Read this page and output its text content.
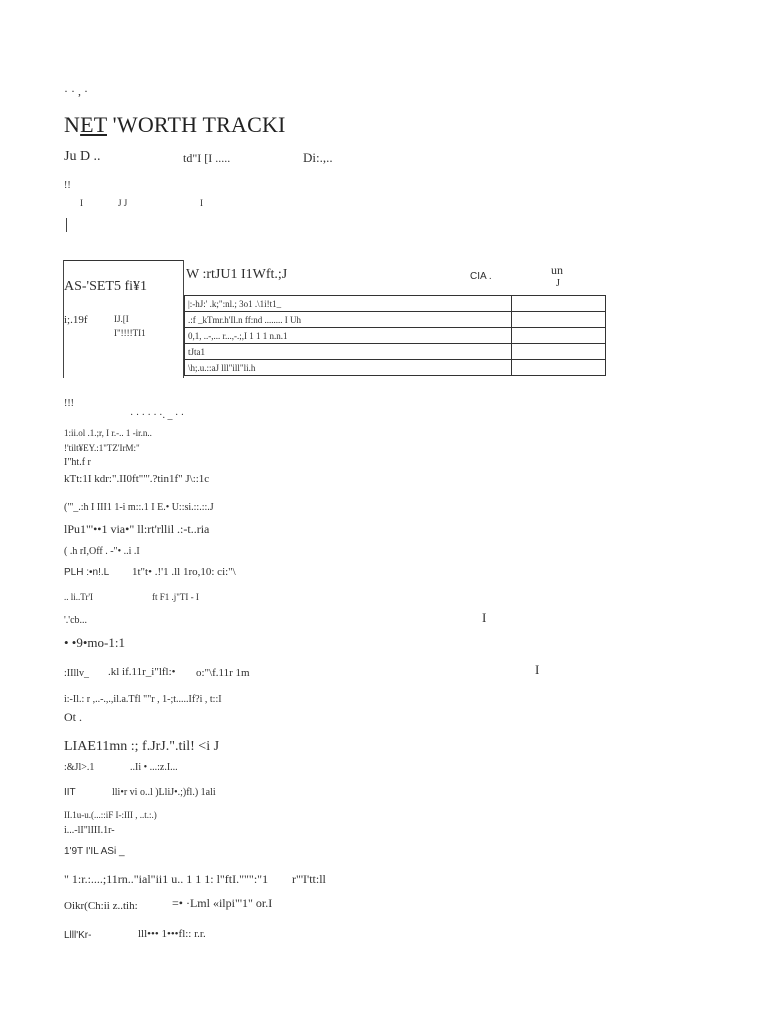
· · , ·
NET 'WORTH TRACKI
Ju D ..	td"I [I .....	Di:.,..
!!
I	J J	I
AS-'SET5 fi¥1
i;.19f	IJ.[I
I"!!!!TI1
W :rtJU1 I1Wft.;J	CIA .	un
J
|:-hJ:' .k;":nl.; 3o1 .\1i!t1_	
.:f _kTmr.h'Il.n ff:nd ........ I Uh	
0,1, ..-,... r...,-.;,I 1 1 1 n.n.1	
tJta1	
\h;.u.::aJ lll"ill"li.h	
!!!
· · · · · ·. _ · ·
1:ii.ol .1.;r, I r.-.. 1 -ir.n..
!'tilt¥EY.:1"TZ'IrM:"
I"ht.f r
kTt:1I kdr:".II0ft""'.?tin1f" J\::1c
("'_.:h I III1 1-i m::.1 I E.• U::si.::.::.J
lPu1"'••1 via•" ll:rt'rllil .:-t..ria
( .h rI,Off . -"• ..i .I
PLH :•n!.L 1t"t• .!'1 .ll 1ro,10: ci:"\
.. li..Tr'I	ft F1 .j"TI - I
'.'cb...	I
• •9•mo-1:1
:IIllv_ .kl if.11r_i"lfl:• o:"\f.11r 1m	I
i:-Il.: r ,..-.,.,il.a.Tfl ""r , 1-;t.....If?i , t::I
Ot .
LIAE11mn :; f.JrJ.".til! <i J
:&Jl>.1	..Ii • ...:z.I...
IIT	lli•r vi o..l )LliJ•.;)fl.) 1ali
II.1u-u.(...::iF I-:III , ..t.:.)
i...-lI"lIII.1r-
1'9T I'IL ASi _
" 1:r.:....;11rn.."ial"ii1 u.. 1 1 1: l"ftI.""":"1 r"'I'tt:ll
Oikr(Ch:ii z..tih:	=• ·Lml «ilpi"'1" or.I
Llll'Kr-	lll••• 1•••fl:: r.r.
